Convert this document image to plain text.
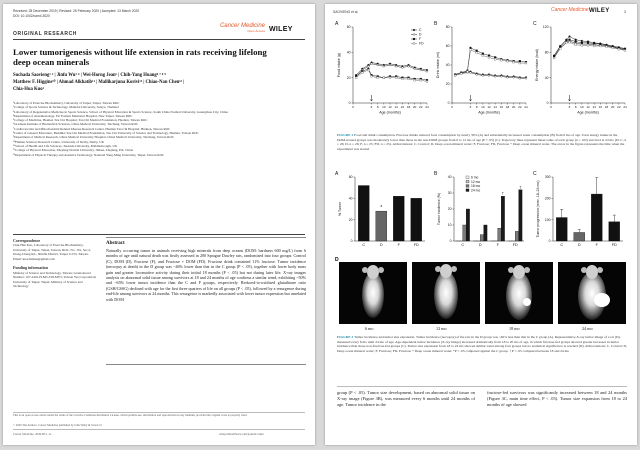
Received: 28 December 2019 | Revised: 26 February 2020 | Accepted: 13 March 2020
DOI: 10.1002/cam4.3020
ORIGINAL RESEARCH
Cancer Medicine
Open Access WILEY
Lower tumorigenesis without life extension in rats receiving lifelong deep ocean minerals
Suchada Saovieng¹ ² | Jinfu Wu³ ⁴ | Wei-Horng Jean⁵ | Chih-Yang Huang⁶ ⁷ ⁸ ⁹
Matthew F. Higgins¹⁰ | Ahmad Alkhatib¹¹ | Mallikarjuna Korivi¹² | Chiao-Nan Chen¹³ |
Chia-Hua Kuo¹
¹Laboratory of Exercise Biochemistry, University of Taipei, Taipei, Taiwan ROC
²College of Sports Science & Technology, Mahidol University, Salaya, Thailand
³Laboratory of Regenerative Medicine in Sports Science, School of Physical Education & Sports Science, South China Normal University, Guangzhou City, China
⁴Department of Anesthesiology, Far Eastern Memorial Hospital, New Taipei, Taiwan ROC
⁵College of Medicine, Hualien Tzu Chi Hospital, Tzu Chi Medical Foundation, Hualien, Taiwan ROC
⁶Graduate Institute of Biomedical Sciences, China Medical University, Taichung, Taiwan ROC
⁷Cardiovascular and Mitochondrial Related Disease Research Center, Hualien Tzu Chi Hospital, Hualien, Taiwan ROC
⁸Center of General Education, Buddhist Tzu Chi Medical Foundation, Tzu Chi University of Science and Technology, Hualien, Taiwan ROC
⁹Department of Medical Research, China Medical University Hospital, China Medical University, Taichung, Taiwan ROC
¹⁰Human Sciences Research Centre, University of Derby, Derby, UK
¹¹School of Health and Life Sciences, Teesside University, Middlesbrough, UK
¹²College of Physical Education, Zhejiang Normal University, Jinhua, Zhejiang, P.R. China
¹³Department of Physical Therapy and Assistive Technology, National Yang-Ming University, Taipei, Taiwan ROC
Correspondence
Chia-Hua Kuo, Laboratory of Exercise Biochemistry, University of Taipei, Taipei, Taiwan, ROC. No. 101, Sec.2, Jhong-Cheng Rd., Shinlin District, Taipei 11153, Taiwan. Email: kuochiahua@gmail.com
Funding information
Ministry of Science and Technology, Taiwan; Grant/Award Number: 107-2410-H-845-018-MY3; Taiwan Yes Corporation; University of Taipei, Taipei; Ministry of Science and Technology
Abstract
Naturally occurring tumor in animals receiving high minerals from deep oceans (DOM: hardness 600 mg/L) from 6 months of age until natural death was firstly assessed in 200 Sprague Dawley rats, randomized into four groups: Control (C), DOM (D), Fructose (F), and Fructose + DOM (FD). Fructose drink contained 11% fructose. Tumor incidence (necropsy at death) in the D group was ~46% lower than that in the C group (P < .05), together with lower body mass gain and greater locomotive activity during their initial 18 months (P < .05) but not during later life. X-ray images analysis on abnormal solid tissue among survivors at 18 and 24 months of age confirms a similar trend, exhibiting ~50% and ~65% lower tumor incidence than the C and F groups, respectively. Reduced-to-oxidized glutathione ratio (GSH/GSSG) declined with age for the first three quarters of life on all groups (P < .05), followed by a resurgence during end-life among survivors at 24 months. This resurgence is markedly associated with lower tumor expression but unrelated with DOM
This is an open access article under the terms of the Creative Commons Attribution License, which permits use, distribution and reproduction in any medium, provided the original work is properly cited.
© 2020 The Authors. Cancer Medicine published by John Wiley & Sons Ltd
Cancer Medicine. 2020;00:1–11.	wileyonlinelibrary.com/journal/cam4
SAOVIENG et al.	Cancer Medicine WILEY	3
A
0
20
40
60
0	6 8 10 12 14 16 18 20 22 24
Food intake (g)
Age (months)
C
D
F
FD
B
0
20
40
60
80
0	6 8 10 12 14 16 18 20 22 24
Drink intake (ml)
Age (months)
C
0
40
80
120
0	6 8 10 12 14 16 18 20 22 24
Energy intake (kcal)
Age (months)
FIGURE 2 Food and drink consumption. Fructose drinks reduced food consumption by nearly 30% (A) and substantially increased water consumption (B) from 6 mo of age. Total energy intake in the DOM-treated groups was moderately lower than those in the non-DOM groups from 6 to 12 mo of age (P < .05) (C). Trajectory lines represent mean value of each group (n = 102) survived at 24 mo (D: C, n = 26; D, n = 26; F, n = 25; FD, n = 25). Abbreviations: C, Control; D, Deep ocean mineral water; F, Fructose; FD, Fructose + Deep ocean mineral water. The arrow in the figure represents the time when the experiment was started
A
0
20
40
60
% Tumor
C	D	F	FD
*
B
0
10
20
30
40
Tumor incidence (%)
C	D	F	FD
6 mo
12 mo
18 mo
24 mo
†
†
C
0
100
200
300
Tumor progression (mm², 18–24 mo)
C	D	F	FD
D
6 mo	12 mo	18 mo	24 mo
FIGURE 3 Tumor incidence and tumor size expansion. Tumor incidence (necropsy) of the rats in the D group was ~46% less than that in the C group (A). Representative X-ray tumor image of a rat (D), measured every 6 mo until 24 mo of age. Age-dependent tumor incidence (X-ray image) increased dramatically from 18 to 20 mo of age, in which fructose-fed groups showed greater increases in tumor incidence than those non-fructose-fed groups (C). Tumor size expansion from 18 to 24 mo showed similar trend among four groups but no statistical significance is reached (D). Abbreviations: C, Control; D, Deep ocean mineral water; F, Fructose; FD, Fructose + Deep ocean mineral water. *P < .05 compared against the C group. † P < .05 compared between 18 and 24 mo
group (P < .05). Tumor size development, based on abnormal solid tissue on X-ray image (Figure 3B), was measured every 6 months until 24 months of age. Tumor incidence in the
fructose-fed survivors was significantly increased between 18 and 24 months (Figure 3C, main time effect, P < .05). Tumor size expansion from 18 to 24 months of age showed
